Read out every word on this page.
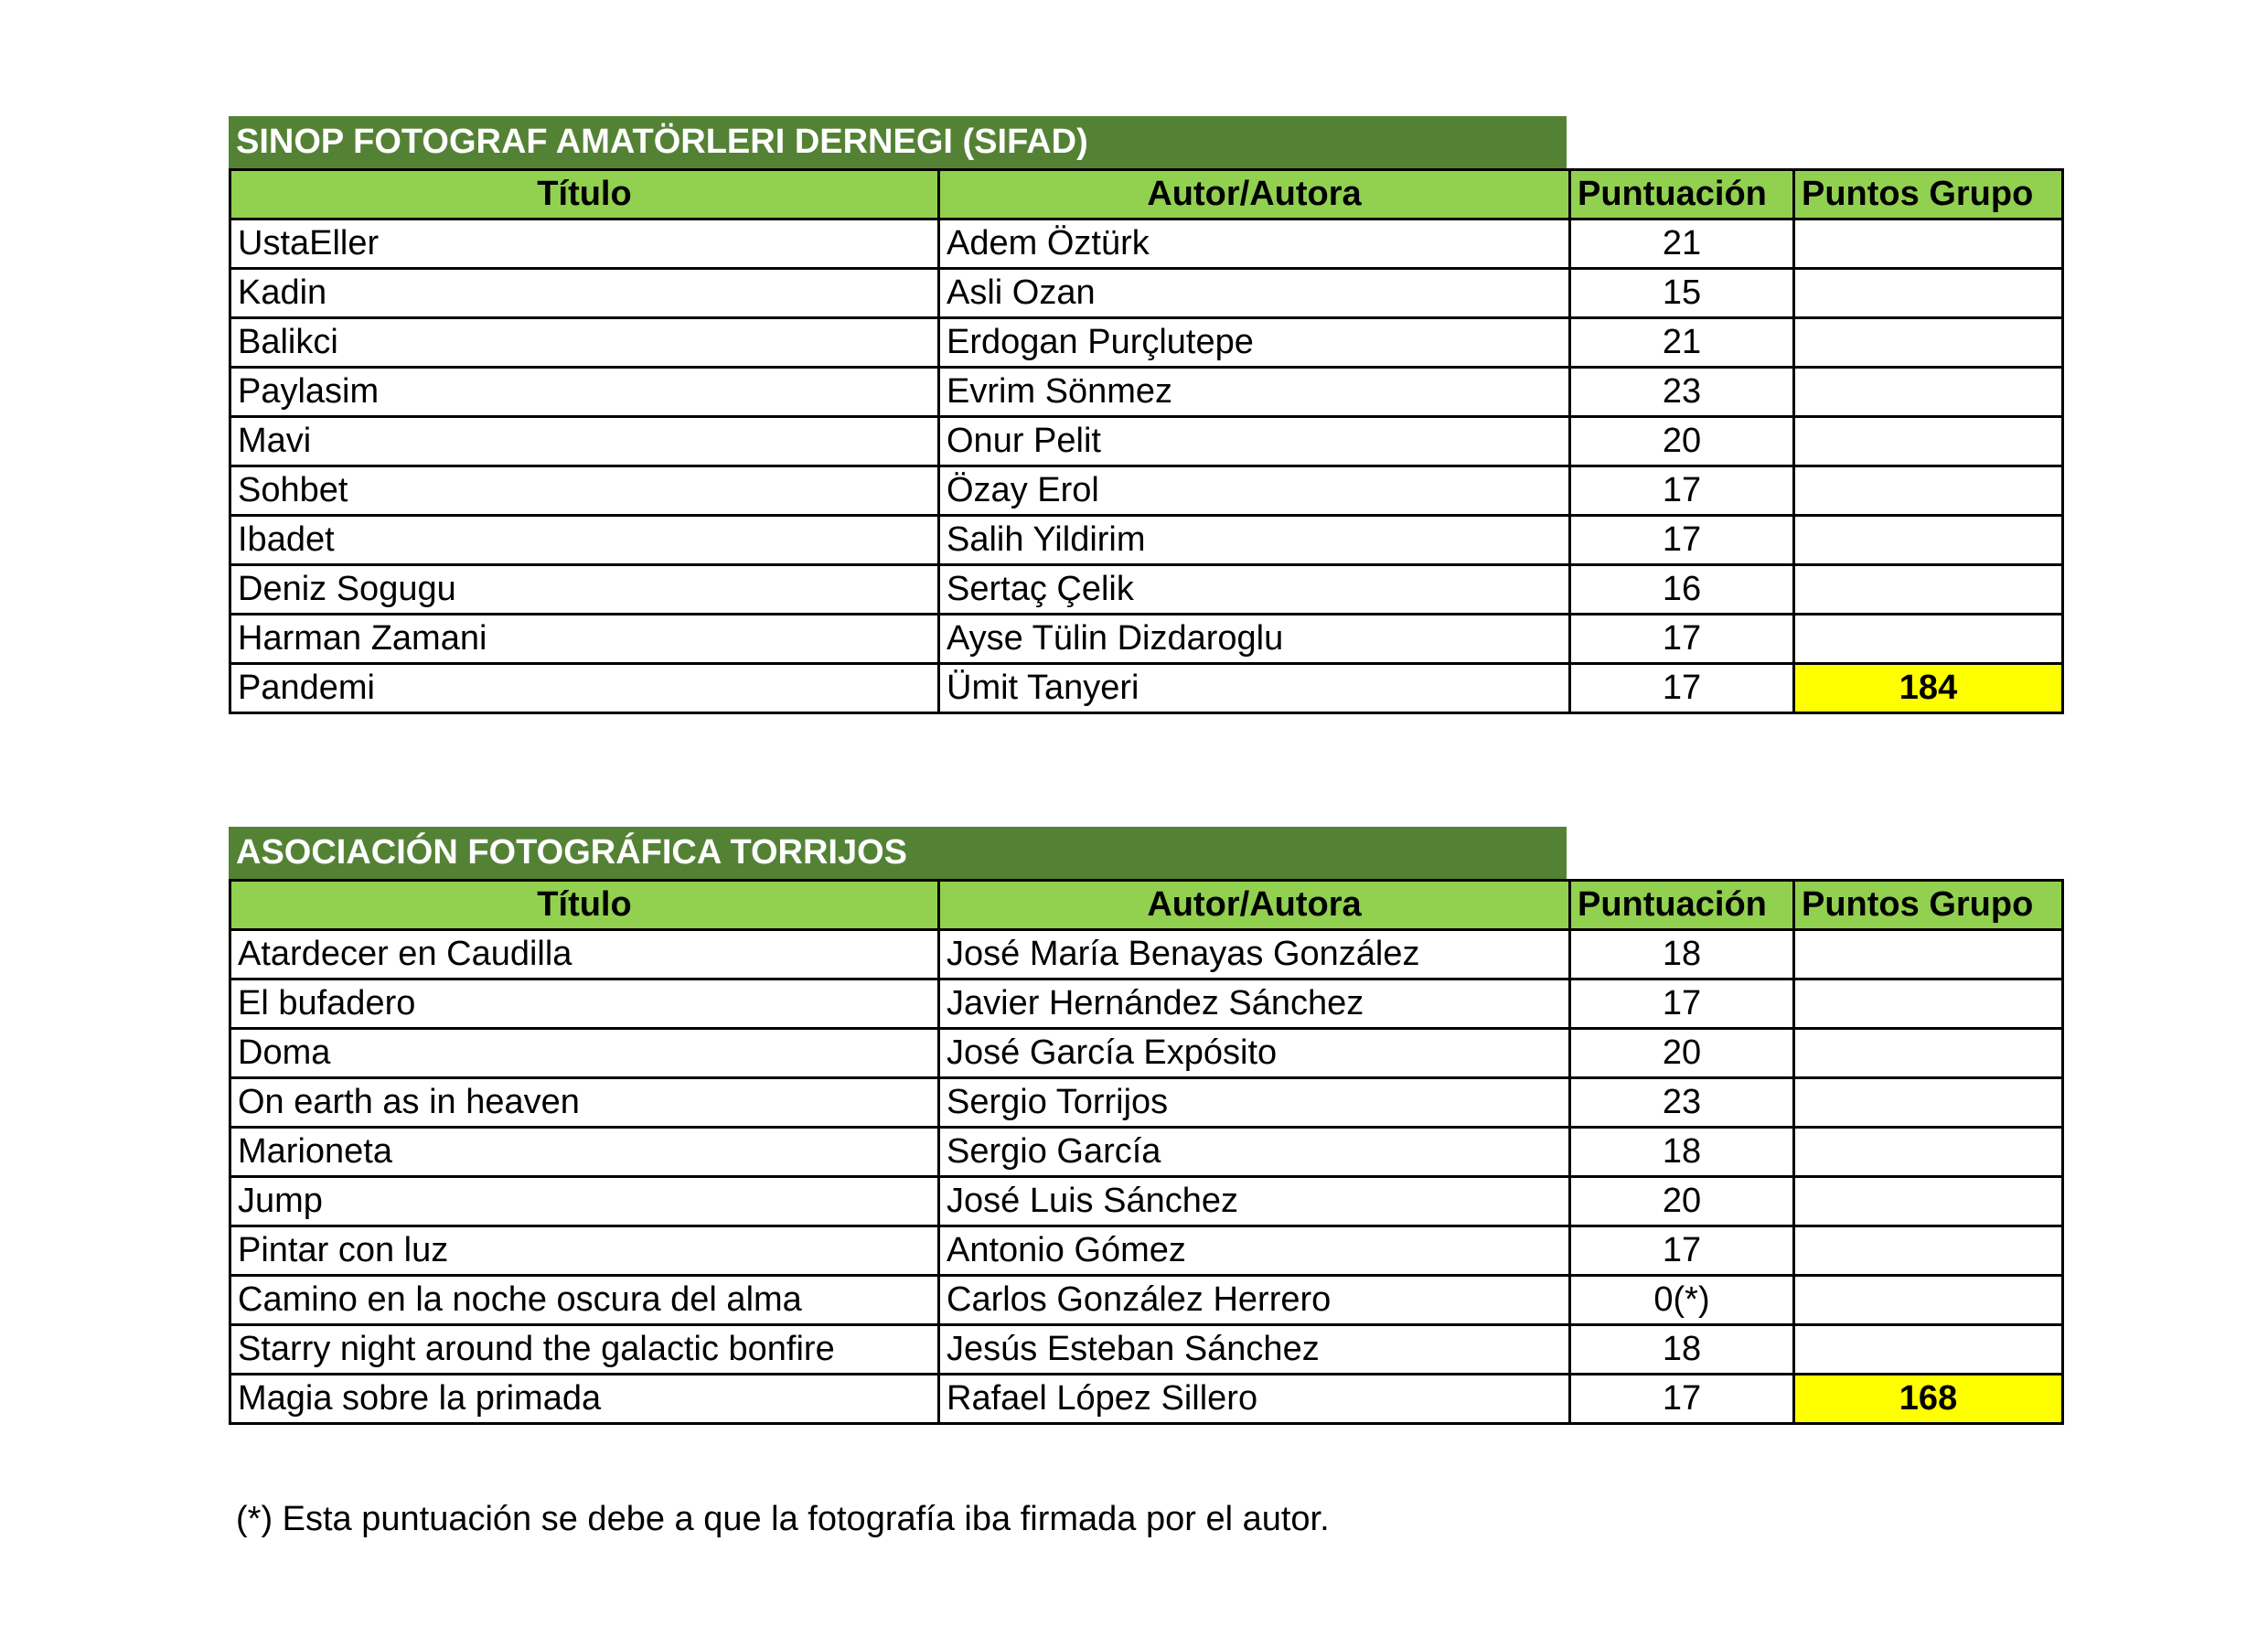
SINOP FOTOGRAF AMATÖRLERI DERNEGI (SIFAD)
Título	Autor/Autora	Puntuación	Puntos Grupo
UstaEller	Adem Öztürk	21	
Kadin	Asli Ozan	15	
Balikci	Erdogan Purçlutepe	21	
Paylasim	Evrim Sönmez	23	
Mavi	Onur Pelit	20	
Sohbet	Özay Erol	17	
Ibadet	Salih Yildirim	17	
Deniz Sogugu	Sertaç Çelik	16	
Harman Zamani	Ayse Tülin Dizdaroglu	17	
Pandemi	Ümit Tanyeri	17	184
ASOCIACIÓN FOTOGRÁFICA TORRIJOS
Título	Autor/Autora	Puntuación	Puntos Grupo
Atardecer en Caudilla	José María Benayas González	18	
El bufadero	Javier Hernández Sánchez	17	
Doma	José García Expósito	20	
On earth as in heaven	Sergio Torrijos	23	
Marioneta	Sergio García	18	
Jump	José Luis Sánchez	20	
Pintar con luz	Antonio Gómez	17	
Camino en la noche oscura del alma	Carlos González Herrero	0(*)	
Starry night around the galactic bonfire	Jesús Esteban Sánchez	18	
Magia sobre la primada	Rafael López Sillero	17	168
(*) Esta puntuación se debe a que la fotografía iba firmada por el autor.
